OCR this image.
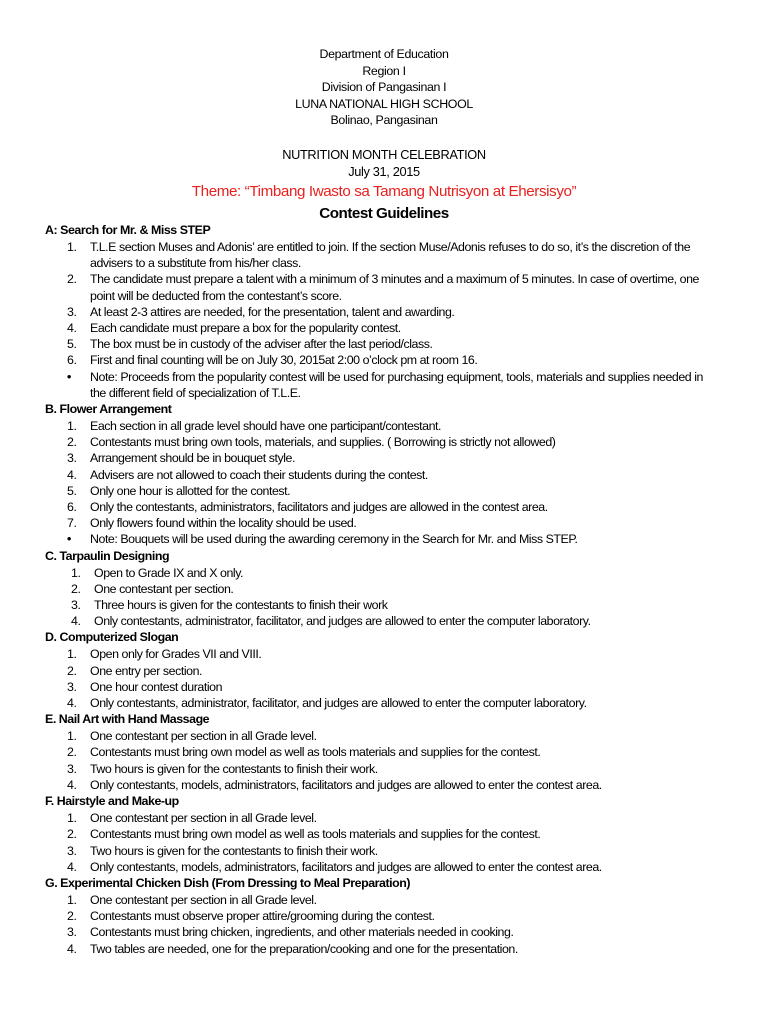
Department of Education
Region I
Division of Pangasinan I
LUNA NATIONAL HIGH SCHOOL
Bolinao, Pangasinan
NUTRITION MONTH CELEBRATION
July 31, 2015
Theme: “Timbang Iwasto sa Tamang Nutrisyon at Ehersisyo”
Contest Guidelines
A: Search for Mr. & Miss STEP
1. T.L.E section Muses and Adonis’ are entitled to join. If the section Muse/Adonis refuses to do so, it’s the discretion of the advisers to a substitute from his/her class.
2. The candidate must prepare a talent with a minimum of 3 minutes and a maximum of 5 minutes. In case of overtime, one point will be deducted from the contestant’s score.
3. At least 2-3 attires are needed, for the presentation, talent and awarding.
4. Each candidate must prepare a box for the popularity contest.
5. The box must be in custody of the adviser after the last period/class.
6. First and final counting will be on July 30, 2015at 2:00 o’clock pm at room 16.
• Note: Proceeds from the popularity contest will be used for purchasing equipment, tools, materials and supplies needed in the different field of specialization of T.L.E.
B. Flower Arrangement
1. Each section in all grade level should have one participant/contestant.
2. Contestants must bring own tools, materials, and supplies. ( Borrowing is strictly not allowed)
3. Arrangement should be in bouquet style.
4. Advisers are not allowed to coach their students during the contest.
5. Only one hour is allotted for the contest.
6. Only the contestants, administrators, facilitators and judges are allowed in the contest area.
7. Only flowers found within the locality should be used.
• Note: Bouquets will be used during the awarding ceremony in the Search for Mr. and Miss STEP.
C. Tarpaulin Designing
1. Open to Grade IX and X only.
2. One contestant per section.
3. Three hours is given for the contestants to finish their work
4. Only contestants, administrator, facilitator, and judges are allowed to enter the computer laboratory.
D. Computerized Slogan
1. Open only for Grades VII and VIII.
2. One entry per section.
3. One hour contest duration
4. Only contestants, administrator, facilitator, and judges are allowed to enter the computer laboratory.
E. Nail Art with Hand Massage
1. One contestant per section in all Grade level.
2. Contestants must bring own model as well as tools materials and supplies for the contest.
3. Two hours is given for the contestants to finish their work.
4. Only contestants, models, administrators, facilitators and judges are allowed to enter the contest area.
F. Hairstyle and Make-up
1. One contestant per section in all Grade level.
2. Contestants must bring own model as well as tools materials and supplies for the contest.
3. Two hours is given for the contestants to finish their work.
4. Only contestants, models, administrators, facilitators and judges are allowed to enter the contest area.
G. Experimental Chicken Dish (From Dressing to Meal Preparation)
1. One contestant per section in all Grade level.
2. Contestants must observe proper attire/grooming during the contest.
3. Contestants must bring chicken, ingredients, and other materials needed in cooking.
4. Two tables are needed, one for the preparation/cooking and one for the presentation.
